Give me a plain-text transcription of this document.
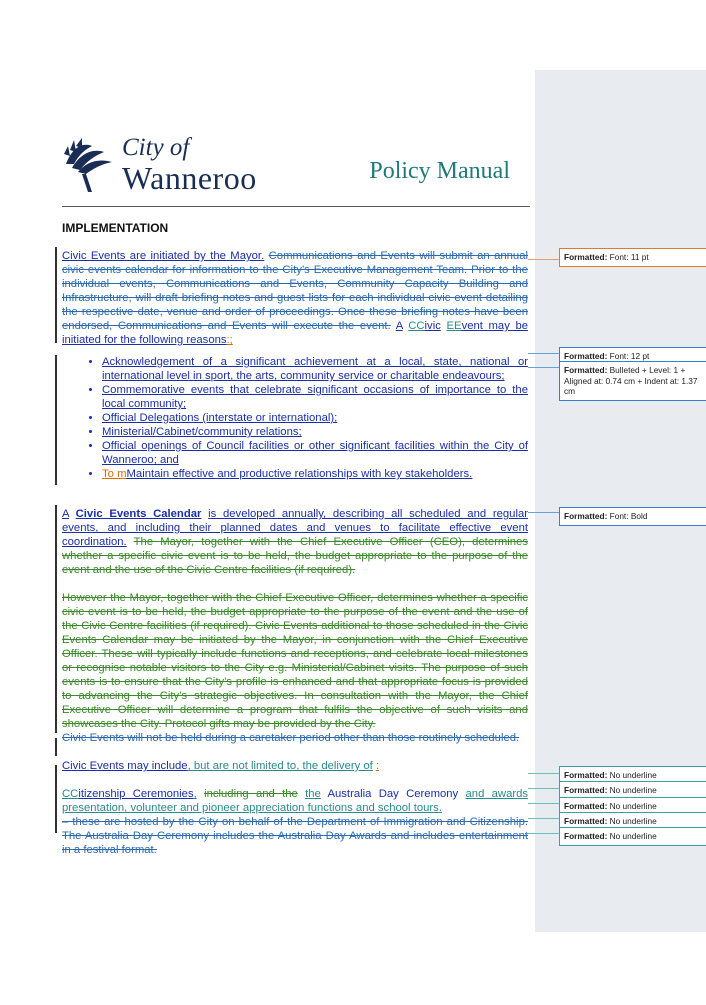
City of
Wanneroo	Policy Manual
IMPLEMENTATION

Civic Events are initiated by the Mayor. Communications and Events will submit an annual civic events calendar for information to the City’s Executive Management Team. Prior to the individual events, Communications and Events, Community Capacity Building and Infrastructure, will draft briefing notes and guest lists for each individual civic event detailing the respective date, venue and order of proceedings. Once these briefing notes have been endorsed, Communications and Events will execute the event. A CCivic EEvent may be initiated for the following reasons:;

• Acknowledgement of a significant achievement at a local, state, national or international level in sport, the arts, community service or charitable endeavours;
• Commemorative events that celebrate significant occasions of importance to the local community;
• Official Delegations (interstate or international);
• Ministerial/Cabinet/community relations;
• Official openings of Council facilities or other significant facilities within the City of Wanneroo; and
• To mMaintain effective and productive relationships with key stakeholders.

A Civic Events Calendar is developed annually, describing all scheduled and regular events, and including their planned dates and venues to facilitate effective event coordination. The Mayor, together with the Chief Executive Officer (CEO), determines whether a specific civic event is to be held, the budget appropriate to the purpose of the event and the use of the Civic Centre facilities (if required).

However the Mayor, together with the Chief Executive Officer, determines whether a specific civic event is to be held, the budget appropriate to the purpose of the event and the use of the Civic Centre facilities (if required). Civic Events additional to those scheduled in the Civic Events Calendar may be initiated by the Mayor, in conjunction with the Chief Executive Officer. These will typically include functions and receptions, and celebrate local milestones or recognise notable visitors to the City e.g. Ministerial/Cabinet visits. The purpose of such events is to ensure that the City’s profile is enhanced and that appropriate focus is provided to advancing the City’s strategic objectives. In consultation with the Mayor, the Chief Executive Officer will determine a program that fulfils the objective of such visits and showcases the City. Protocol gifts may be provided by the City.
Civic Events will not be held during a caretaker period other than those routinely scheduled.

Civic Events may include, but are not limited to, the delivery of :

CCitizenship Ceremonies, including and the the Australia Day Ceremony and awards presentation, volunteer and pioneer appreciation functions and school tours.
– these are hosted by the City on behalf of the Department of Immigration and Citizenship. The Australia Day Ceremony includes the Australia Day Awards and includes entertainment in a festival format.

Formatted: Font: 11 pt
Formatted: Font: 12 pt
Formatted: Bulleted + Level: 1 + Aligned at: 0.74 cm + Indent at: 1.37 cm
Formatted: Font: Bold
Formatted: No underline
Formatted: No underline
Formatted: No underline
Formatted: No underline
Formatted: No underline
